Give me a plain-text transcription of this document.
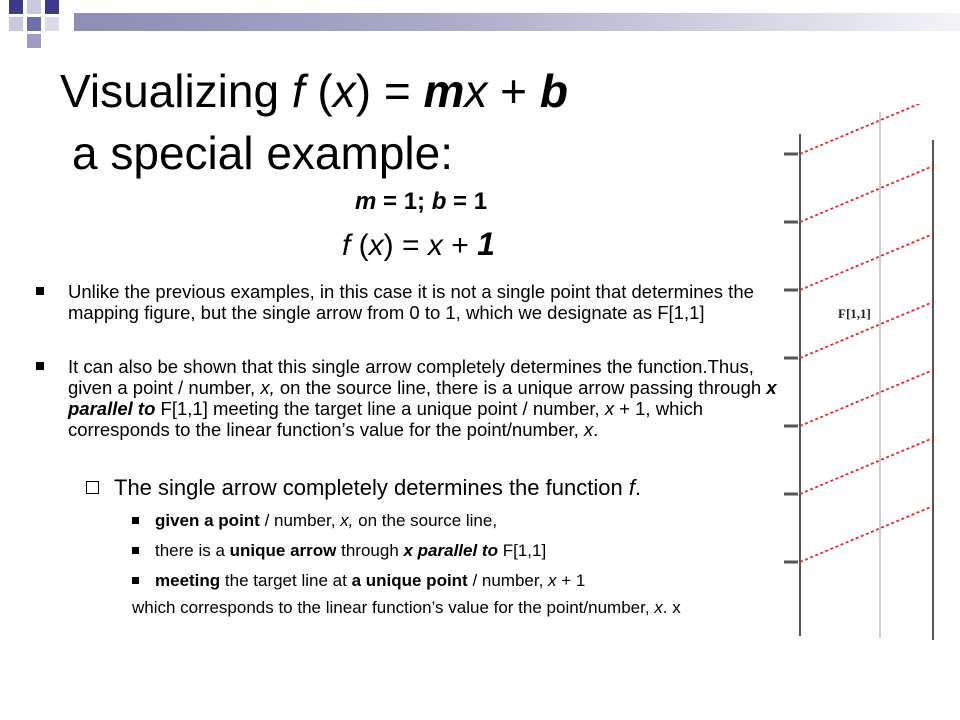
Visualizing f (x) = mx + b
a special example:
m = 1; b = 1
f (x) = x + 1
Unlike the previous examples, in this case it is not a single point that determines the mapping figure, but the single arrow from 0 to 1, which we designate as F[1,1]
It can also be shown that this single arrow completely determines the function.Thus, given a point / number, x, on the source line, there is a unique arrow passing through x parallel to F[1,1] meeting the target line a unique point / number, x + 1, which corresponds to the linear function’s value for the point/number, x.
The single arrow completely determines the function f.
given a point / number, x, on the source line,
there is a unique arrow through x parallel to F[1,1]
meeting the target line at a unique point / number, x + 1
which corresponds to the linear function’s value for the point/number, x. x
F[1,1]
